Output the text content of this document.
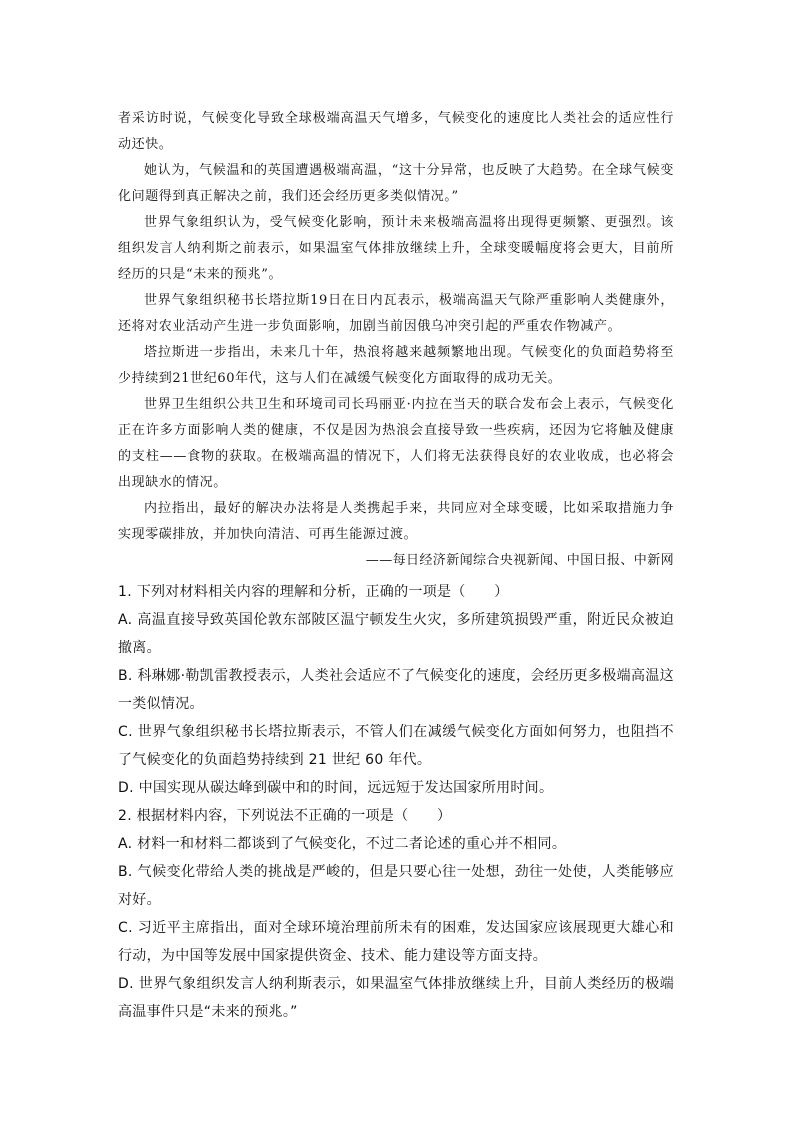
者采访时说，气候变化导致全球极端高温天气增多，气候变化的速度比人类社会的适应性行动还快。

她认为，气候温和的英国遭遇极端高温，“这十分异常，也反映了大趋势。在全球气候变化问题得到真正解决之前，我们还会经历更多类似情况。”

世界气象组织认为，受气候变化影响，预计未来极端高温将出现得更频繁、更强烈。该组织发言人纳利斯之前表示，如果温室气体排放继续上升，全球变暖幅度将会更大，目前所经历的只是“未来的预兆”。

世界气象组织秘书长塔拉斯19日在日内瓦表示，极端高温天气除严重影响人类健康外，还将对农业活动产生进一步负面影响，加剧当前因俄乌冲突引起的严重农作物减产。

塔拉斯进一步指出，未来几十年，热浪将越来越频繁地出现。气候变化的负面趋势将至少持续到21世纪60年代，这与人们在减缓气候变化方面取得的成功无关。

世界卫生组织公共卫生和环境司司长玛丽亚·内拉在当天的联合发布会上表示，气候变化正在许多方面影响人类的健康，不仅是因为热浪会直接导致一些疾病，还因为它将触及健康的支柱——食物的获取。在极端高温的情况下，人们将无法获得良好的农业收成，也必将会出现缺水的情况。

内拉指出，最好的解决办法将是人类携起手来，共同应对全球变暖，比如采取措施力争实现零碳排放，并加快向清洁、可再生能源过渡。

——每日经济新闻综合央视新闻、中国日报、中新网

1. 下列对材料相关内容的理解和分析，正确的一项是（　　）

A. 高温直接导致英国伦敦东部陂区温宁顿发生火灾，多所建筑损毁严重，附近民众被迫撤离。

B. 科琳娜·勒凯雷教授表示，人类社会适应不了气候变化的速度，会经历更多极端高温这一类似情况。

C. 世界气象组织秘书长塔拉斯表示，不管人们在减缓气候变化方面如何努力，也阻挡不了气候变化的负面趋势持续到 21 世纪 60 年代。

D. 中国实现从碳达峰到碳中和的时间，远远短于发达国家所用时间。

2. 根据材料内容，下列说法不正确的一项是（　　）

A. 材料一和材料二都谈到了气候变化，不过二者论述的重心并不相同。

B. 气候变化带给人类的挑战是严峻的，但是只要心往一处想，劲往一处使，人类能够应对好。

C. 习近平主席指出，面对全球环境治理前所未有的困难，发达国家应该展现更大雄心和行动，为中国等发展中国家提供资金、技术、能力建设等方面支持。

D. 世界气象组织发言人纳利斯表示，如果温室气体排放继续上升，目前人类经历的极端高温事件只是“未来的预兆。”
